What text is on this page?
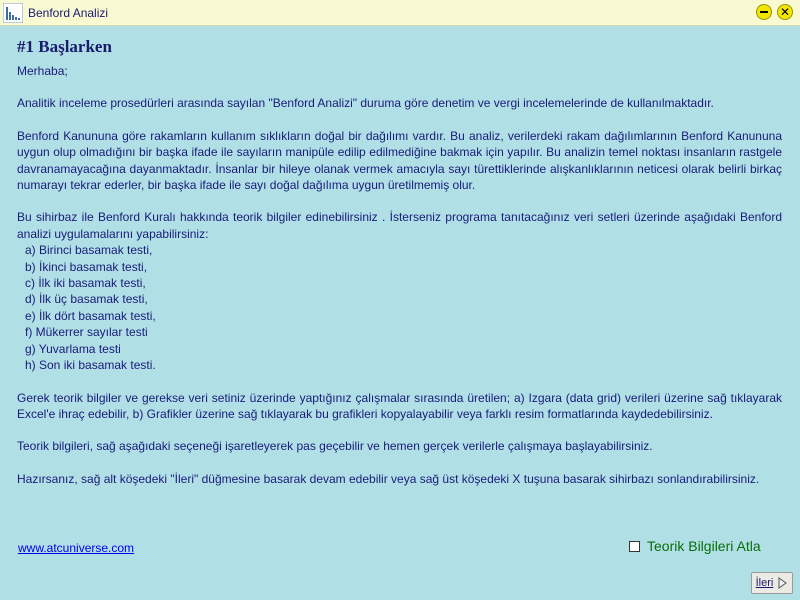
Benford Analizi	✕
#1 Başlarken
Merhaba;
Analitik inceleme prosedürleri arasında sayılan "Benford Analizi" duruma göre denetim ve vergi incelemelerinde de kullanılmaktadır.
Benford Kanununa göre rakamların kullanım sıklıkların doğal bir dağılımı vardır. Bu analiz, verilerdeki rakam dağılımlarının Benford Kanununa uygun olup olmadığını bir başka ifade ile sayıların manipüle edilip edilmediğine bakmak için yapılır. Bu analizin temel noktası insanların rastgele davranamayacağına dayanmaktadır. İnsanlar bir hileye olanak vermek amacıyla sayı türettiklerinde alışkanlıklarının neticesi olarak belirli birkaç numarayı tekrar ederler, bir başka ifade ile sayı doğal dağılıma uygun üretilmemiş olur.
Bu sihirbaz ile Benford Kuralı hakkında teorik bilgiler edinebilirsiniz . İsterseniz programa tanıtacağınız veri setleri üzerinde aşağıdaki Benford analizi uygulamalarını yapabilirsiniz:
a) Birinci basamak testi,
b) İkinci basamak testi,
c) İlk iki basamak testi,
d) İlk üç basamak testi,
e) İlk dört basamak testi,
f) Mükerrer sayılar testi
g) Yuvarlama testi
h) Son iki basamak testi.
Gerek teorik bilgiler ve gerekse veri setiniz üzerinde yaptığınız çalışmalar sırasında üretilen; a) Izgara (data grid) verileri üzerine sağ tıklayarak Excel'e ihraç edebilir, b) Grafikler üzerine sağ tıklayarak bu grafikleri kopyalayabilir veya farklı resim formatlarında kaydedebilirsiniz.
Teorik bilgileri, sağ aşağıdaki seçeneği işaretleyerek pas geçebilir ve hemen gerçek verilerle çalışmaya başlayabilirsiniz.
Hazırsanız, sağ alt köşedeki "İleri" düğmesine basarak devam edebilir veya sağ üst köşedeki X tuşuna basarak sihirbazı sonlandırabilirsiniz.
www.atcuniverse.com	Teorik Bilgileri Atla
İleri
